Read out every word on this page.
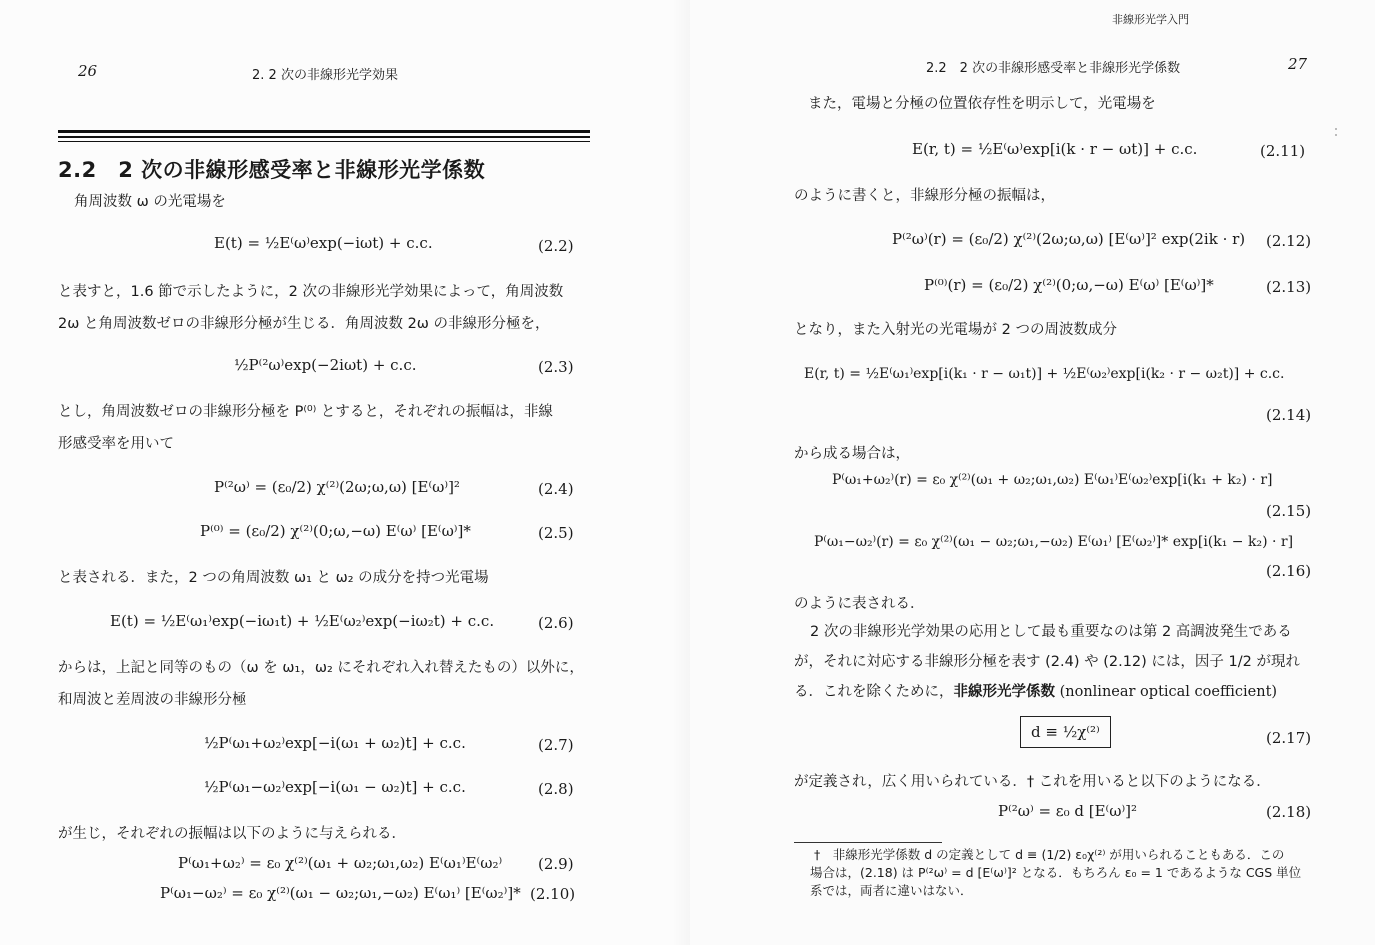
26	2. 2 次の非線形光学効果
2.2　2 次の非線形感受率と非線形光学係数
角周波数 ω の光電場を
E(t) = ½E⁽ω⁾exp(−iωt) + c.c.	(2.2)
と表すと，1.6 節で示したように，2 次の非線形光学効果によって，角周波数
2ω と角周波数ゼロの非線形分極が生じる．角周波数 2ω の非線形分極を，
½P⁽²ω⁾exp(−2iωt) + c.c.	(2.3)
とし，角周波数ゼロの非線形分極を P⁽⁰⁾ とすると，それぞれの振幅は，非線
形感受率を用いて
P⁽²ω⁾ = (ε₀/2) χ⁽²⁾(2ω;ω,ω) [E⁽ω⁾]²	(2.4)
P⁽⁰⁾ = (ε₀/2) χ⁽²⁾(0;ω,−ω) E⁽ω⁾ [E⁽ω⁾]*	(2.5)
と表される．また，2 つの角周波数 ω₁ と ω₂ の成分を持つ光電場
E(t) = ½E⁽ω₁⁾exp(−iω₁t) + ½E⁽ω₂⁾exp(−iω₂t) + c.c.	(2.6)
からは，上記と同等のもの（ω を ω₁，ω₂ にそれぞれ入れ替えたもの）以外に，
和周波と差周波の非線形分極
½P⁽ω₁+ω₂⁾exp[−i(ω₁ + ω₂)t] + c.c.	(2.7)
½P⁽ω₁−ω₂⁾exp[−i(ω₁ − ω₂)t] + c.c.	(2.8)
が生じ，それぞれの振幅は以下のように与えられる．
P⁽ω₁+ω₂⁾ = ε₀ χ⁽²⁾(ω₁ + ω₂;ω₁,ω₂) E⁽ω₁⁾E⁽ω₂⁾ (2.9)
P⁽ω₁−ω₂⁾ = ε₀ χ⁽²⁾(ω₁ − ω₂;ω₁,−ω₂) E⁽ω₁⁾ [E⁽ω₂⁾]* (2.10)
非線形光学入門
2.2　2 次の非線形感受率と非線形光学係数	27
また，電場と分極の位置依存性を明示して，光電場を
E(r, t) = ½E⁽ω⁾exp[i(k · r − ωt)] + c.c.	(2.11)
のように書くと，非線形分極の振幅は，
P⁽²ω⁾(r) = (ε₀/2) χ⁽²⁾(2ω;ω,ω) [E⁽ω⁾]² exp(2ik · r) (2.12)
P⁽⁰⁾(r) = (ε₀/2) χ⁽²⁾(0;ω,−ω) E⁽ω⁾ [E⁽ω⁾]*	(2.13)
となり，また入射光の光電場が 2 つの周波数成分
E(r, t) = ½E⁽ω₁⁾exp[i(k₁ · r − ω₁t)] + ½E⁽ω₂⁾exp[i(k₂ · r − ω₂t)] + c.c.
(2.14)
から成る場合は，
P⁽ω₁+ω₂⁾(r) = ε₀ χ⁽²⁾(ω₁ + ω₂;ω₁,ω₂) E⁽ω₁⁾E⁽ω₂⁾exp[i(k₁ + k₂) · r]
(2.15)
P⁽ω₁−ω₂⁾(r) = ε₀ χ⁽²⁾(ω₁ − ω₂;ω₁,−ω₂) E⁽ω₁⁾ [E⁽ω₂⁾]* exp[i(k₁ − k₂) · r]
(2.16)
のように表される．
2 次の非線形光学効果の応用として最も重要なのは第 2 高調波発生である
が，それに対応する非線形分極を表す (2.4) や (2.12) には，因子 1/2 が現れ
る．これを除くために，非線形光学係数 (nonlinear optical coefficient)
d ≡ ½χ⁽²⁾	(2.17)
が定義され，広く用いられている．† これを用いると以下のようになる．
P⁽²ω⁾ = ε₀ d [E⁽ω⁾]²	(2.18)
†　非線形光学係数 d の定義として d ≡ (1/2) ε₀χ⁽²⁾ が用いられることもある．この
場合は，(2.18) は P⁽²ω⁾ = d [E⁽ω⁾]² となる．もちろん ε₀ = 1 であるような CGS 単位
系では，両者に違いはない．
